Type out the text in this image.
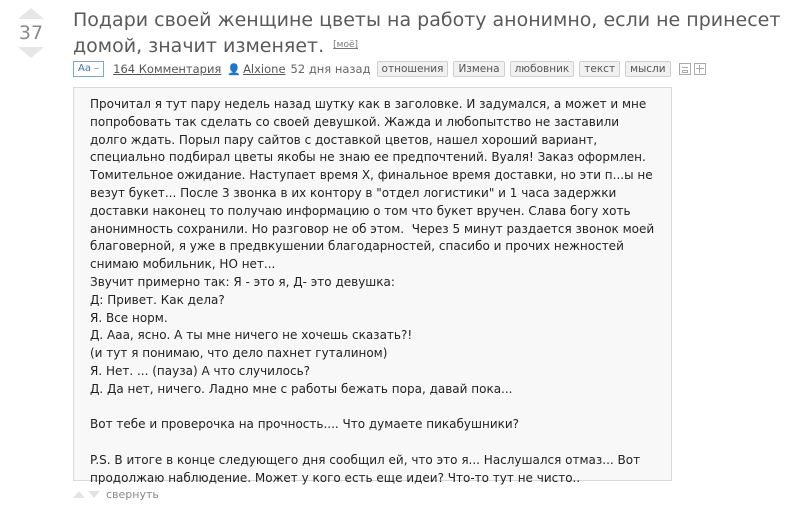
37
Подари своей женщине цветы на работу анонимно, если не принесет домой, значит изменяет. [моё]
Аа –	164 Комментария 👤 Alxione 52 дня назад	отношения	Измена	любовник	текст	мысли

Прочитал я тут пару недель назад шутку как в заголовке. И задумался, а может и мне попробовать так сделать со своей девушкой. Жажда и любопытство не заставили долго ждать. Порыл пару сайтов с доставкой цветов, нашел хороший вариант, специально подбирал цветы якобы не знаю ее предпочтений. Вуаля! Заказ оформлен. Томительное ожидание. Наступает время Х, финальное время доставки, но эти п...ы не везут букет... После 3 звонка в их контору в "отдел логистики" и 1 часа задержки доставки наконец то получаю информацию о том что букет вручен. Слава богу хоть анонимность сохранили. Но разговор не об этом.  Через 5 минут раздается звонок моей благоверной, я уже в предвкушении благодарностей, спасибо и прочих нежностей снимаю мобильник, НО нет...
Звучит примерно так: Я - это я, Д- это девушка:
Д: Привет. Как дела?
Я. Все норм.
Д. Ааа, ясно. А ты мне ничего не хочешь сказать?!
(и тут я понимаю, что дело пахнет гуталином)
Я. Нет. ... (пауза) А что случилось?
Д. Да нет, ничего. Ладно мне с работы бежать пора, давай пока...

Вот тебе и проверочка на прочность.... Что думаете пикабушники?

P.S. В итоге в конце следующего дня сообщил ей, что это я... Наслушался отмаз... Вот продолжаю наблюдение. Может у кого есть еще идеи? Что-то тут не чисто..

свернуть
